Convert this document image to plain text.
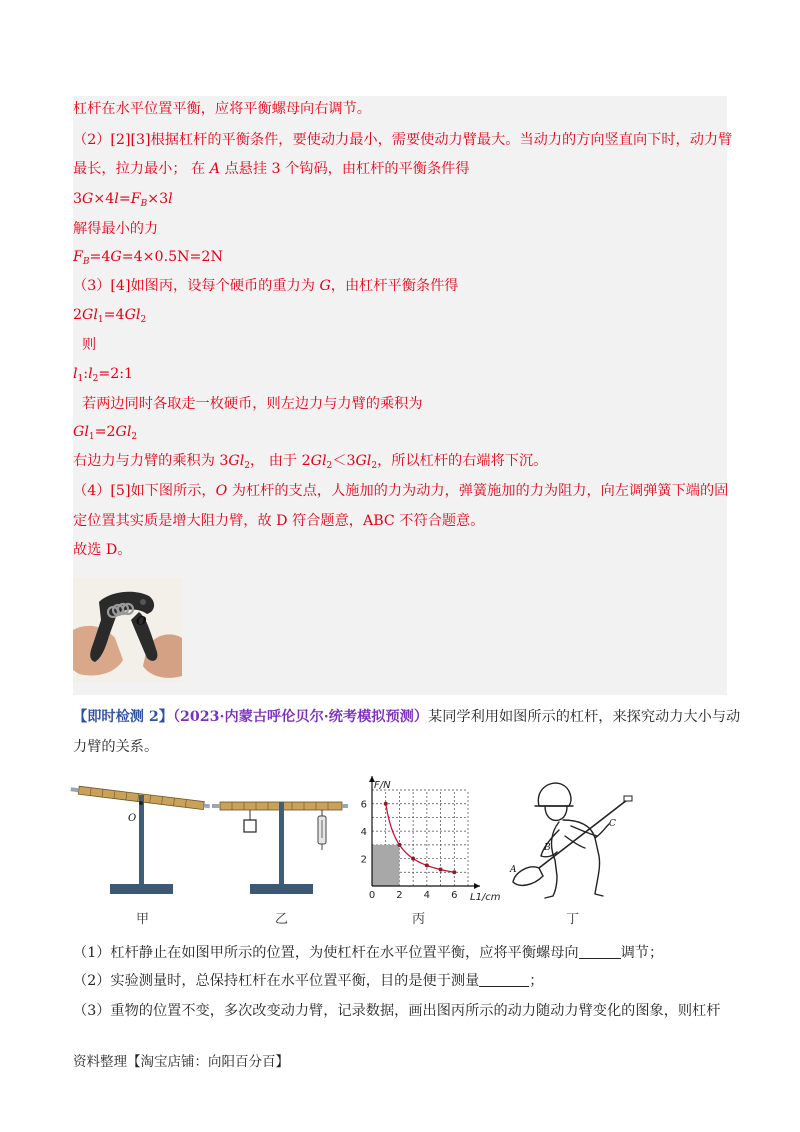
杠杆在水平位置平衡，应将平衡螺母向右调节。
（2）[2][3]根据杠杆的平衡条件，要使动力最小，需要使动力臂最大。当动力的方向竖直向下时，动力臂
最长，拉力最小； 在 A 点悬挂 3 个钩码，由杠杆的平衡条件得
$3G\times 4l=F_B\times 3l$
解得最小的力
$F_B=4G=4\times 0.5N=2N$
（3）[4]如图丙，设每个硬币的重力为 G，由杠杆平衡条件得
$2Gl_1=4Gl_2$
则
$l_1:l_2=2:1$
若两边同时各取走一枚硬币，则左边力与力臂的乘积为
$Gl_1=2Gl_2$
右边力与力臂的乘积为 $3Gl_2$， 由于 $2Gl_2<3Gl_2$，所以杠杆的右端将下沉。
（4）[5]如下图所示，O 为杠杆的支点，人施加的力为动力，弹簧施加的力为阻力，向左调弹簧下端的固
定位置其实质是增大阻力臂，故 D 符合题意，ABC 不符合题意。
故选 D。
O
【即时检测 2】（2023·内蒙古呼伦贝尔·统考模拟预测）某同学利用如图所示的杠杆，来探究动力大小与动
力臂的关系。
O
0 2 4 6
2
4
6
F/N
L1/cm
A
B
C
甲	乙	丙	丁
（1）杠杆静止在如图甲所示的位置，为使杠杆在水平位置平衡，应将平衡螺母向	调节；
（2）实验测量时，总保持杠杆在水平位置平衡，目的是便于测量	；
（3）重物的位置不变，多次改变动力臂，记录数据，画出图丙所示的动力随动力臂变化的图象，则杠杆
资料整理【淘宝店铺：向阳百分百】
